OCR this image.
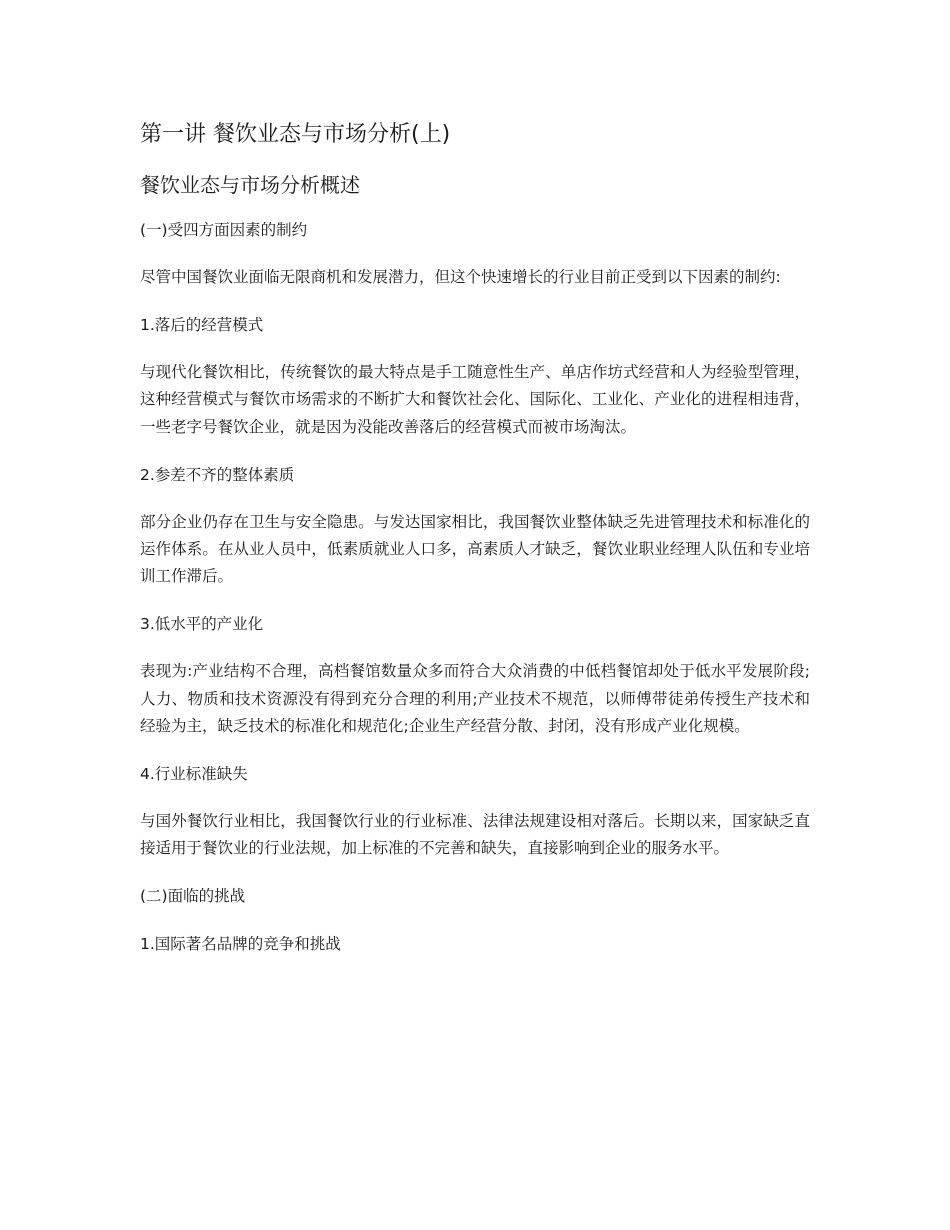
第一讲 餐饮业态与市场分析(上)
餐饮业态与市场分析概述
(一)受四方面因素的制约
尽管中国餐饮业面临无限商机和发展潜力，但这个快速增长的行业目前正受到以下因素的制约:
1.落后的经营模式
与现代化餐饮相比，传统餐饮的最大特点是手工随意性生产、单店作坊式经营和人为经验型管理，这种经营模式与餐饮市场需求的不断扩大和餐饮社会化、国际化、工业化、产业化的进程相违背，一些老字号餐饮企业，就是因为没能改善落后的经营模式而被市场淘汰。
2.参差不齐的整体素质
部分企业仍存在卫生与安全隐患。与发达国家相比，我国餐饮业整体缺乏先进管理技术和标准化的运作体系。在从业人员中，低素质就业人口多，高素质人才缺乏，餐饮业职业经理人队伍和专业培训工作滞后。
3.低水平的产业化
表现为:产业结构不合理，高档餐馆数量众多而符合大众消费的中低档餐馆却处于低水平发展阶段;人力、物质和技术资源没有得到充分合理的利用;产业技术不规范，以师傅带徒弟传授生产技术和经验为主，缺乏技术的标准化和规范化;企业生产经营分散、封闭，没有形成产业化规模。
4.行业标准缺失
与国外餐饮行业相比，我国餐饮行业的行业标准、法律法规建设相对落后。长期以来，国家缺乏直接适用于餐饮业的行业法规，加上标准的不完善和缺失，直接影响到企业的服务水平。
(二)面临的挑战
1.国际著名品牌的竞争和挑战
